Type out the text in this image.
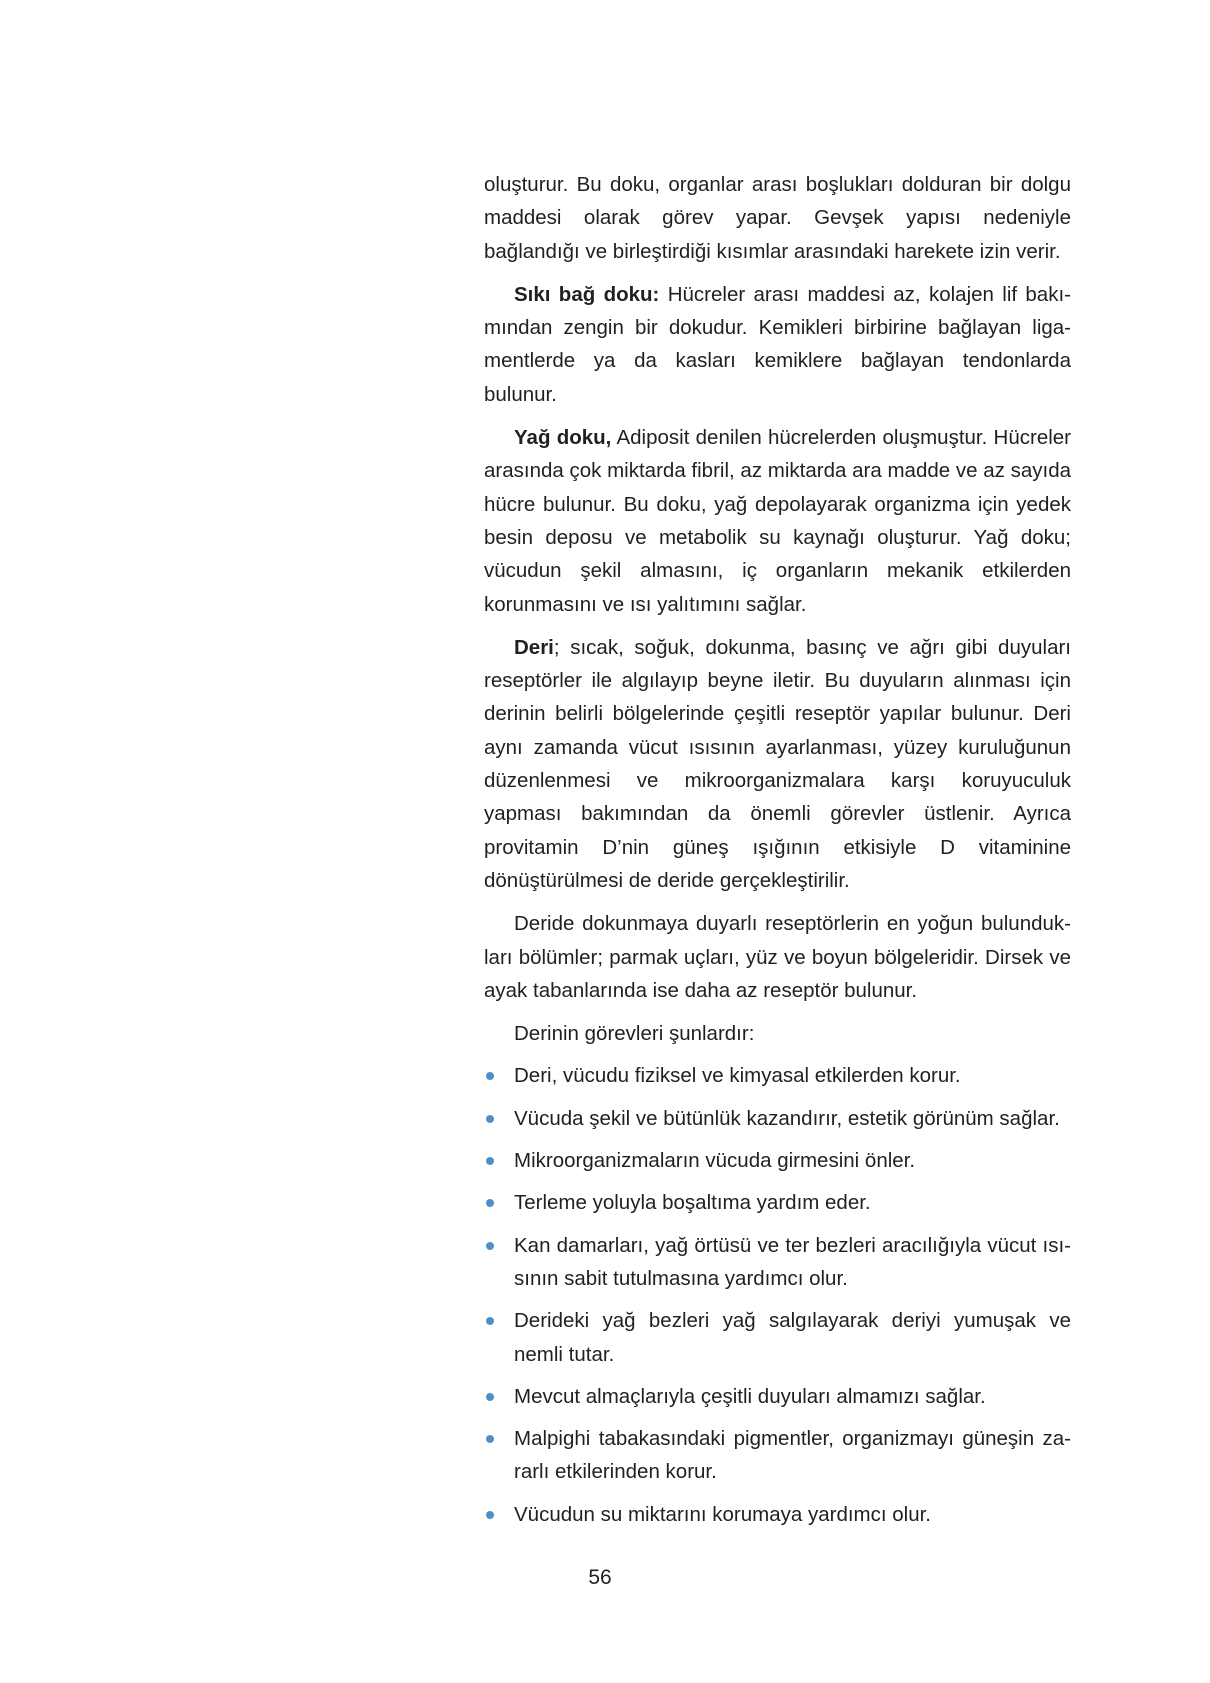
oluşturur. Bu doku, organlar arası boşlukları dolduran bir dolgu maddesi olarak görev yapar. Gevşek yapısı nedeniyle bağlandığı ve birleştirdiği kısımlar arasındaki harekete izin verir.

Sıkı bağ doku: Hücreler arası maddesi az, kolajen lif bakımından zengin bir dokudur. Kemikleri birbirine bağlayan ligamentlerde ya da kasları kemiklere bağlayan tendonlarda bulunur.

Yağ doku, Adiposit denilen hücrelerden oluşmuştur. Hücreler arasında çok miktarda fibril, az miktarda ara madde ve az sayıda hücre bulunur. Bu doku, yağ depolayarak organizma için yedek besin deposu ve metabolik su kaynağı oluşturur. Yağ doku; vücudun şekil almasını, iç organların mekanik etkilerden korunmasını ve ısı yalıtımını sağlar.

Deri; sıcak, soğuk, dokunma, basınç ve ağrı gibi duyuları reseptörler ile algılayıp beyne iletir. Bu duyuların alınması için derinin belirli bölgelerinde çeşitli reseptör yapılar bulunur. Deri aynı zamanda vücut ısısının ayarlanması, yüzey kuruluğunun düzenlenmesi ve mikroorganizmalara karşı koruyuculuk yapması bakımından da önemli görevler üstlenir. Ayrıca provitamin D’nin güneş ışığının etkisiyle D vitaminine dönüştürülmesi de deride gerçekleştirilir.

Deride dokunmaya duyarlı reseptörlerin en yoğun bulundukları bölümler; parmak uçları, yüz ve boyun bölgeleridir. Dirsek ve ayak tabanlarında ise daha az reseptör bulunur.

Derinin görevleri şunlardır:

Deri, vücudu fiziksel ve kimyasal etkilerden korur.
Vücuda şekil ve bütünlük kazandırır, estetik görünüm sağlar.
Mikroorganizmaların vücuda girmesini önler.
Terleme yoluyla boşaltıma yardım eder.
Kan damarları, yağ örtüsü ve ter bezleri aracılığıyla vücut ısısının sabit tutulmasına yardımcı olur.
Derideki yağ bezleri yağ salgılayarak deriyi yumuşak ve nemli tutar.
Mevcut almaçlarıyla çeşitli duyuları almamızı sağlar.
Malpighi tabakasındaki pigmentler, organizmayı güneşin zararlı etkilerinden korur.
Vücudun su miktarını korumaya yardımcı olur.
56
